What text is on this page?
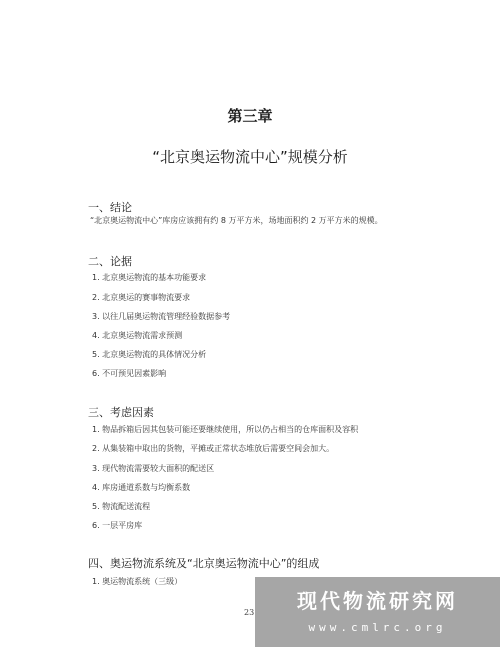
第三章
“北京奥运物流中心”规模分析
一、结论
“北京奥运物流中心”库房应该拥有约 8 万平方米，场地面积约 2 万平方米的规模。
二、论据
1. 北京奥运物流的基本功能要求
2. 北京奥运的赛事物流要求
3. 以往几届奥运物流管理经验数据参考
4. 北京奥运物流需求预测
5. 北京奥运物流的具体情况分析
6. 不可预见因素影响
三、考虑因素
1. 物品拆箱后因其包装可能还要继续使用，所以仍占相当的仓库面积及容积
2. 从集装箱中取出的货物，平摊或正常状态堆放后需要空间会加大。
3. 现代物流需要较大面积的配送区
4. 库房通道系数与均衡系数
5. 物流配送流程
6. 一层平房库
四、奥运物流系统及“北京奥运物流中心”的组成
1. 奥运物流系统（三级）
23	现代物流研究网
www.cmlrc.org
